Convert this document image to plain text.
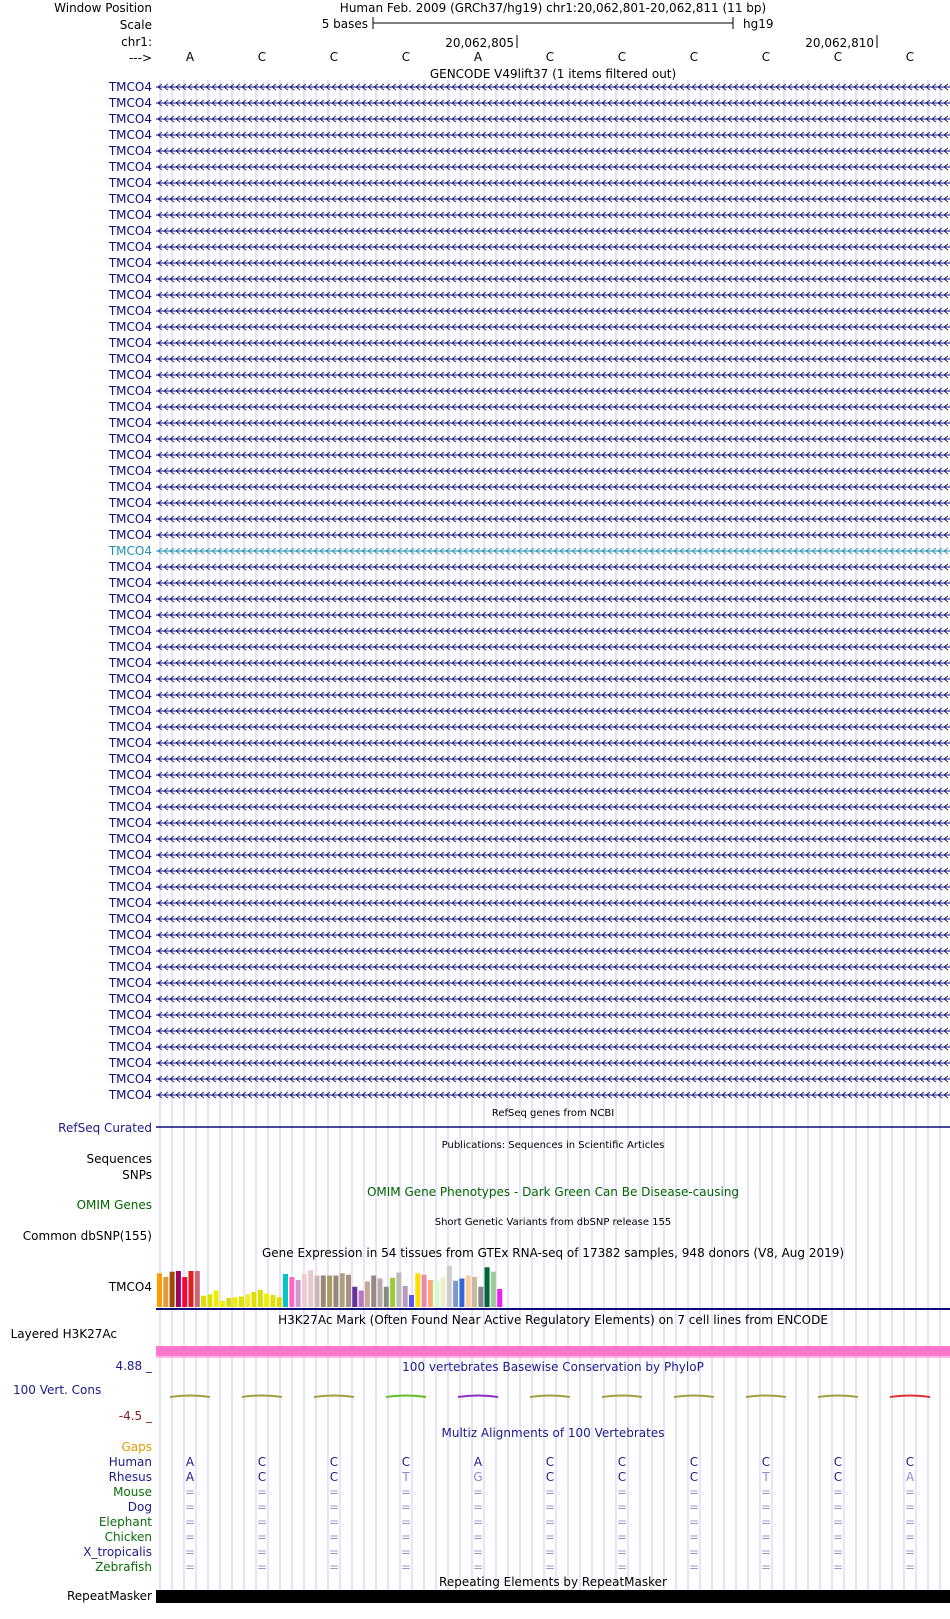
Window Position	Human Feb. 2009 (GRCh37/hg19) chr1:20,062,801-20,062,811 (11 bp)
Scale	5 bases	hg19
chr1:	20,062,805	20,062,810
--->	A	C	C	C	A	C	C	C	C	C	C
GENCODE V49lift37 (1 items filtered out)
TMCO4
TMCO4
TMCO4
TMCO4
TMCO4
TMCO4
TMCO4
TMCO4
TMCO4
TMCO4
TMCO4
TMCO4
TMCO4
TMCO4
TMCO4
TMCO4
TMCO4
TMCO4
TMCO4
TMCO4
TMCO4
TMCO4
TMCO4
TMCO4
TMCO4
TMCO4
TMCO4
TMCO4
TMCO4
TMCO4
TMCO4
TMCO4
TMCO4
TMCO4
TMCO4
TMCO4
TMCO4
TMCO4
TMCO4
TMCO4
TMCO4
TMCO4
TMCO4
TMCO4
TMCO4
TMCO4
TMCO4
TMCO4
TMCO4
TMCO4
TMCO4
TMCO4
TMCO4
TMCO4
TMCO4
TMCO4
TMCO4
TMCO4
TMCO4
TMCO4
TMCO4
TMCO4
TMCO4
TMCO4
RefSeq genes from NCBI
RefSeq Curated
Publications: Sequences in Scientific Articles
Sequences
SNPs
OMIM Gene Phenotypes - Dark Green Can Be Disease-causing
OMIM Genes
Short Genetic Variants from dbSNP release 155
Common dbSNP(155)
Gene Expression in 54 tissues from GTEx RNA-seq of 17382 samples, 948 donors (V8, Aug 2019)
TMCO4
H3K27Ac Mark (Often Found Near Active Regulatory Elements) on 7 cell lines from ENCODE
Layered H3K27Ac
4.88 _	100 vertebrates Basewise Conservation by PhyloP
100 Vert. Cons
-4.5 _
Multiz Alignments of 100 Vertebrates
Gaps
Human	A	C	C	C	A	C	C	C	C	C	C
Rhesus	A	C	C	T	G	C	C	C	T	C	A
Mouse	=	=	=	=	=	=	=	=	=	=	=
Dog	=	=	=	=	=	=	=	=	=	=	=
Elephant	=	=	=	=	=	=	=	=	=	=	=
Chicken	=	=	=	=	=	=	=	=	=	=	=
X_tropicalis	=	=	=	=	=	=	=	=	=	=	=
Zebrafish	=	=	=	=	=	=	=	=	=	=	=
Repeating Elements by RepeatMasker
RepeatMasker
